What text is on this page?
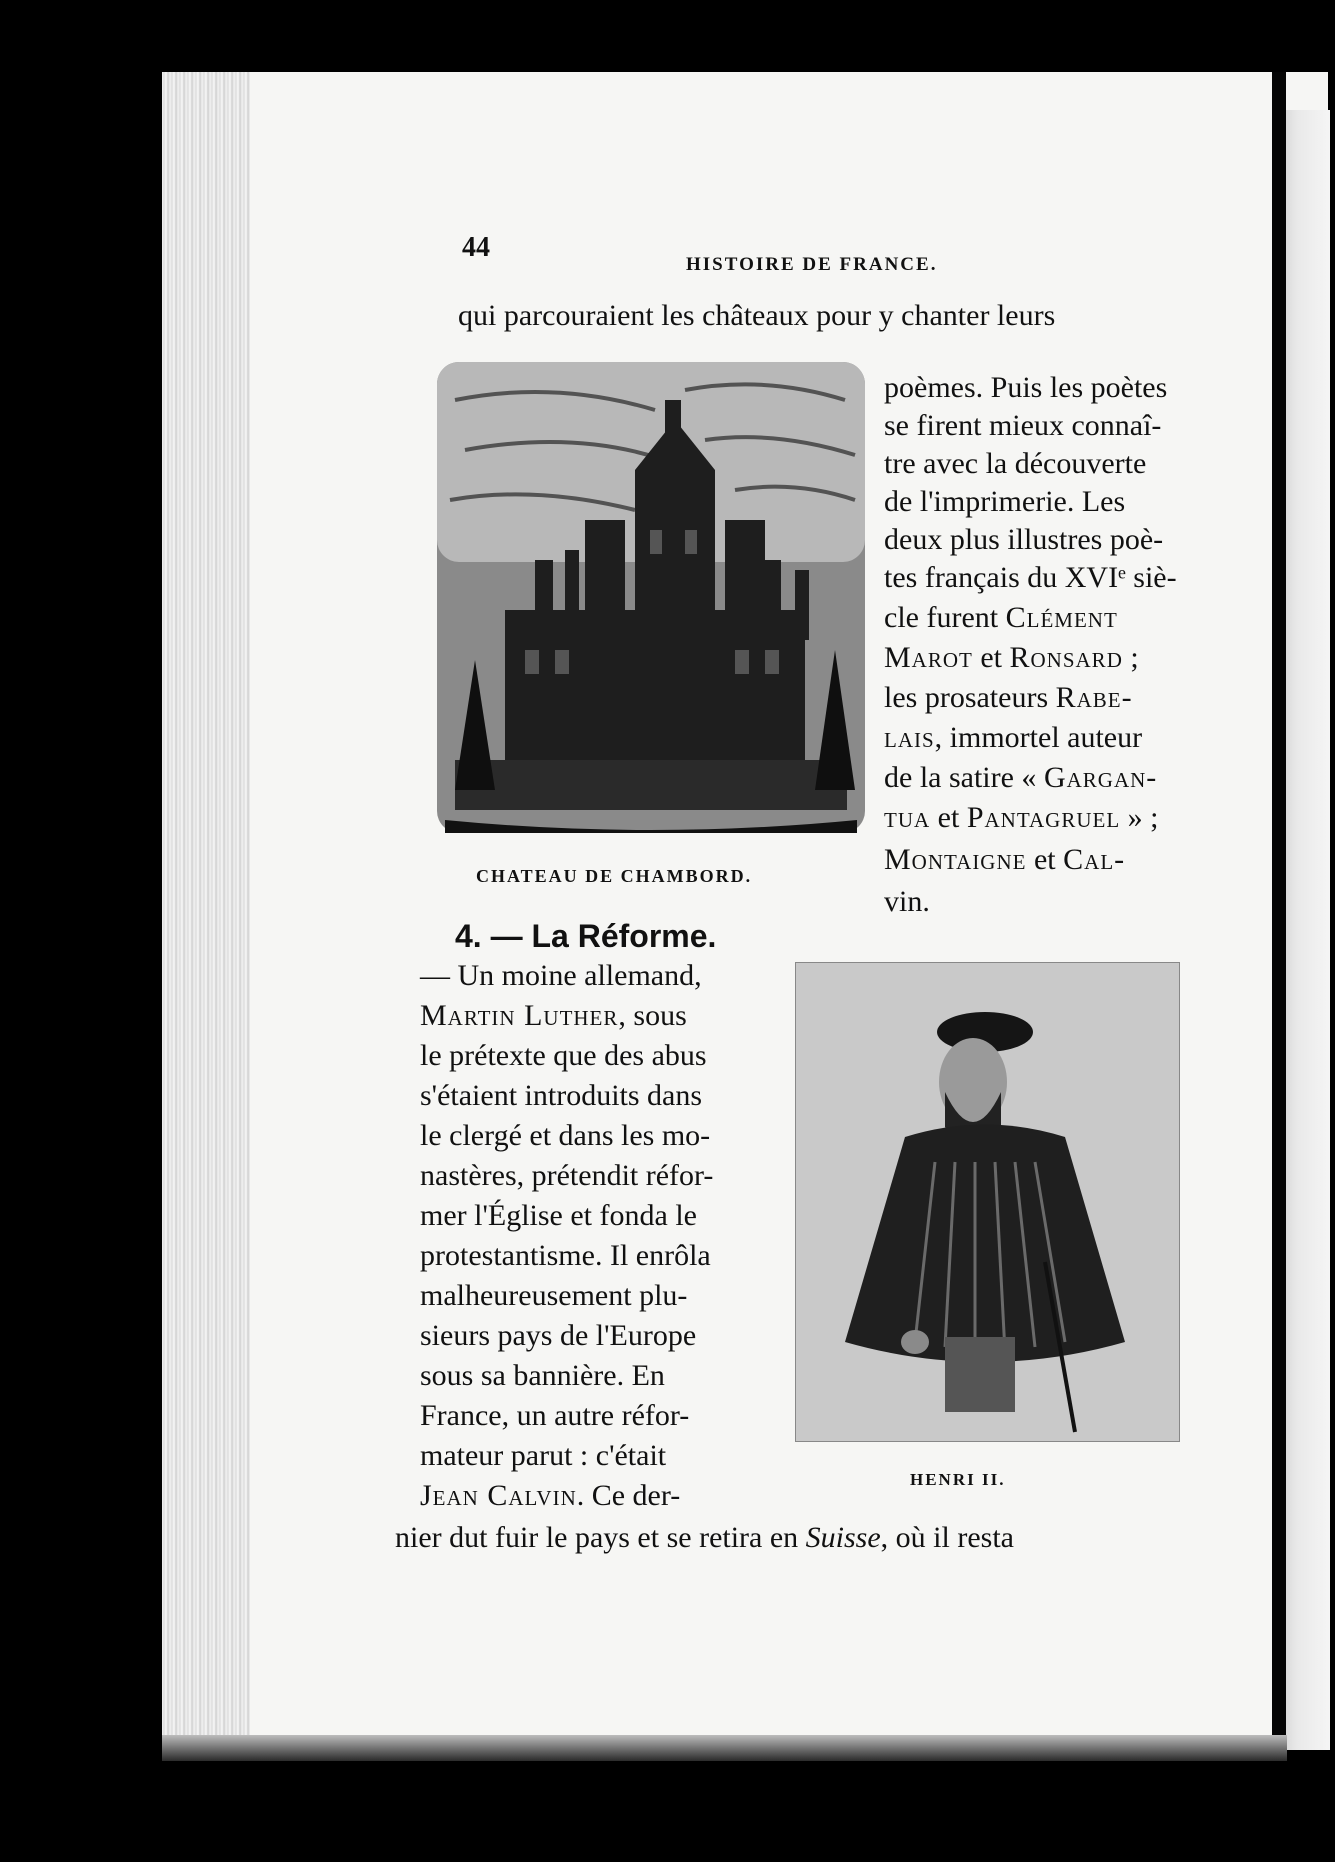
44
HISTOIRE DE FRANCE.
qui parcouraient les châteaux pour y chanter leurs
CHATEAU DE CHAMBORD.
poèmes. Puis les poètes
se firent mieux connaî-
tre avec la découverte
de l'imprimerie. Les
deux plus illustres poè-
tes français du XVIᵉ siè-
cle furent Clément
Marot et Ronsard ;
les prosateurs Rabe-
lais, immortel auteur
de la satire « Gargan-
tua et Pantagruel » ;
Montaigne et Cal-
vin.
4. — La Réforme.
— Un moine allemand,
Martin Luther, sous
le prétexte que des abus
s'étaient introduits dans
le clergé et dans les mo-
nastères, prétendit réfor-
mer l'Église et fonda le
protestantisme. Il enrôla
malheureusement plu-
sieurs pays de l'Europe
sous sa bannière. En
France, un autre réfor-
mateur parut : c'était
Jean Calvin. Ce der-
nier dut fuir le pays et se retira en Suisse, où il resta
HENRI II.
